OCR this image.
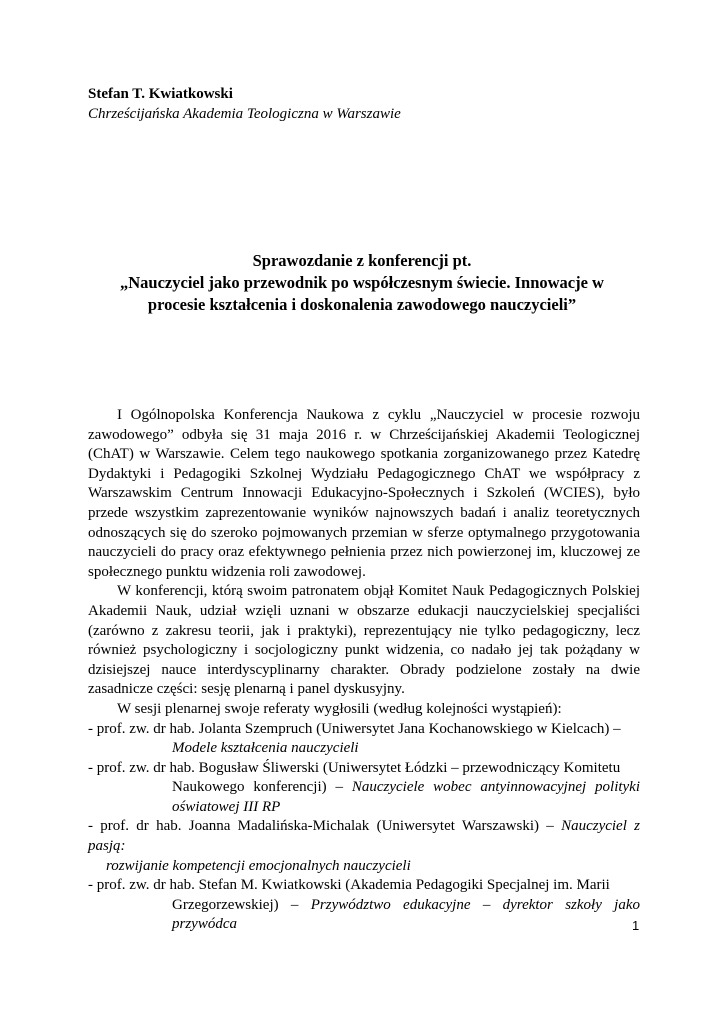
Stefan T. Kwiatkowski
Chrześcijańska Akademia Teologiczna w Warszawie
Sprawozdanie z konferencji pt.
„Nauczyciel jako przewodnik po współczesnym świecie. Innowacje w
procesie kształcenia i doskonalenia zawodowego nauczycieli”

I Ogólnopolska Konferencja Naukowa z cyklu „Nauczyciel w procesie rozwoju zawodowego” odbyła się 31 maja 2016 r. w Chrześcijańskiej Akademii Teologicznej (ChAT) w Warszawie. Celem tego naukowego spotkania zorganizowanego przez Katedrę Dydaktyki i Pedagogiki Szkolnej Wydziału Pedagogicznego ChAT we współpracy z Warszawskim Centrum Innowacji Edukacyjno-Społecznych i Szkoleń (WCIES), było przede wszystkim zaprezentowanie wyników najnowszych badań i analiz teoretycznych odnoszących się do szeroko pojmowanych przemian w sferze optymalnego przygotowania nauczycieli do pracy oraz efektywnego pełnienia przez nich powierzonej im, kluczowej ze społecznego punktu widzenia roli zawodowej.

W konferencji, którą swoim patronatem objął Komitet Nauk Pedagogicznych Polskiej Akademii Nauk, udział wzięli uznani w obszarze edukacji nauczycielskiej specjaliści (zarówno z zakresu teorii, jak i praktyki), reprezentujący nie tylko pedagogiczny, lecz również psychologiczny i socjologiczny punkt widzenia, co nadało jej tak pożądany w dzisiejszej nauce interdyscyplinarny charakter. Obrady podzielone zostały na dwie zasadnicze części: sesję plenarną i panel dyskusyjny.

W sesji plenarnej swoje referaty wygłosili (według kolejności wystąpień):

- prof. zw. dr hab. Jolanta Szempruch (Uniwersytet Jana Kochanowskiego w Kielcach) –
Modele kształcenia nauczycieli
- prof. zw. dr hab. Bogusław Śliwerski (Uniwersytet Łódzki – przewodniczący Komitetu
Naukowego konferencji) – Nauczyciele wobec antyinnowacyjnej polityki oświatowej III RP
- prof. dr hab. Joanna Madalińska-Michalak (Uniwersytet Warszawski) – Nauczyciel z pasją:
rozwijanie kompetencji emocjonalnych nauczycieli
- prof. zw. dr hab. Stefan M. Kwiatkowski (Akademia Pedagogiki Specjalnej im. Marii
Grzegorzewskiej) – Przywództwo edukacyjne – dyrektor szkoły jako przywódca	1
